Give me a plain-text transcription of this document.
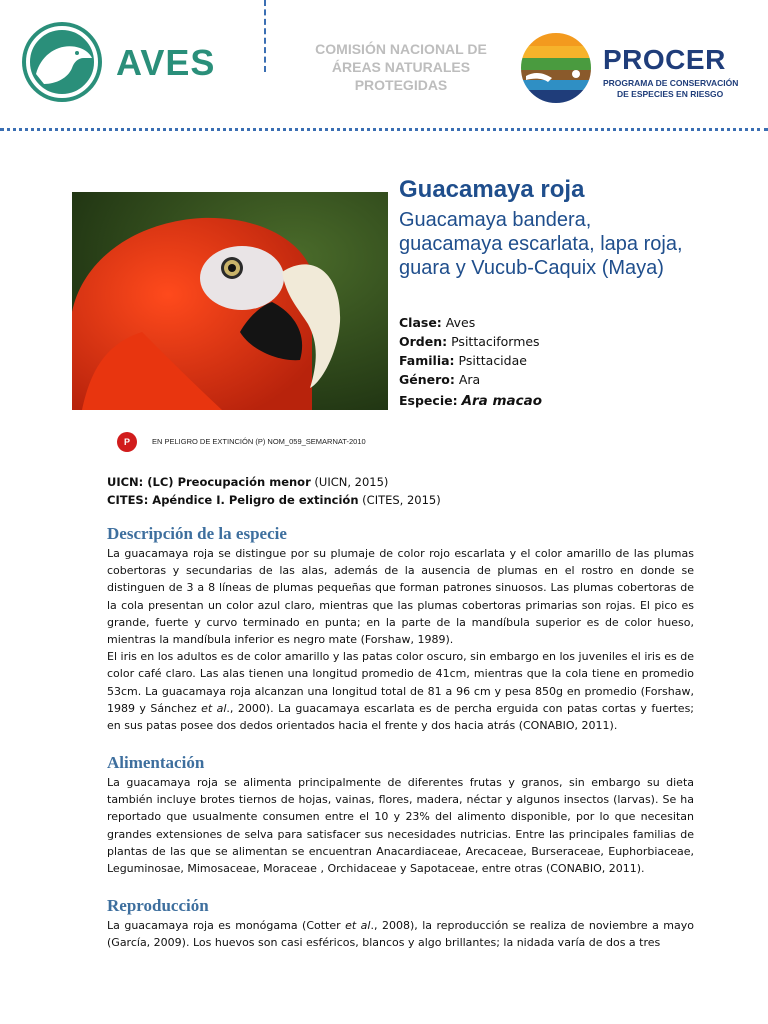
AVES	COMISIÓN NACIONAL DE
ÁREAS NATURALES
PROTEGIDAS
PROCER
PROGRAMA DE CONSERVACIÓN
DE ESPECIES EN RIESGO
Guacamaya roja
Guacamaya bandera, guacamaya escarlata, lapa roja, guara y Vucub-Caquix (Maya)
Clase: Aves
Orden: Psittaciformes
Familia: Psittacidae
Género: Ara
Especie: Ara macao
P	EN PELIGRO DE EXTINCIÓN (P) NOM_059_SEMARNAT-2010
UICN: (LC) Preocupación menor (UICN, 2015)
CITES: Apéndice I. Peligro de extinción (CITES, 2015)
Descripción de la especie

La guacamaya roja se distingue por su plumaje de color rojo escarlata y el color amarillo de las plumas cobertoras y secundarias de las alas, además de la ausencia de plumas en el rostro en donde se distinguen de 3 a 8 líneas de plumas pequeñas que forman patrones sinuosos. Las plumas cobertoras de la cola presentan un color azul claro, mientras que las plumas cobertoras primarias son rojas. El pico es grande, fuerte y curvo terminado en punta; en la parte de la mandíbula superior es de color hueso, mientras la mandíbula inferior es negro mate (Forshaw, 1989).

El iris en los adultos es de color amarillo y las patas color oscuro, sin embargo en los juveniles el iris es de color café claro. Las alas tienen una longitud promedio de 41cm, mientras que la cola tiene en promedio 53cm. La guacamaya roja alcanzan una longitud total de 81 a 96 cm y pesa 850g en promedio (Forshaw, 1989 y Sánchez et al., 2000). La guacamaya escarlata es de percha erguida con patas cortas y fuertes; en sus patas posee dos dedos orientados hacia el frente y dos hacia atrás (CONABIO, 2011).

Alimentación

La guacamaya roja se alimenta principalmente de diferentes frutas y granos, sin embargo su dieta también incluye brotes tiernos de hojas, vainas, flores, madera, néctar y algunos insectos (larvas). Se ha reportado que usualmente consumen entre el 10 y 23% del alimento disponible, por lo que necesitan grandes extensiones de selva para satisfacer sus necesidades nutricias. Entre las principales familias de plantas de las que se alimentan se encuentran Anacardiaceae, Arecaceae, Burseraceae, Euphorbiaceae, Leguminosae, Mimosaceae, Moraceae , Orchidaceae y Sapotaceae, entre otras (CONABIO, 2011).

Reproducción

La guacamaya roja es monógama (Cotter et al., 2008), la reproducción se realiza de noviembre a mayo (García, 2009). Los huevos son casi esféricos, blancos y algo brillantes; la nidada varía de dos a tres
